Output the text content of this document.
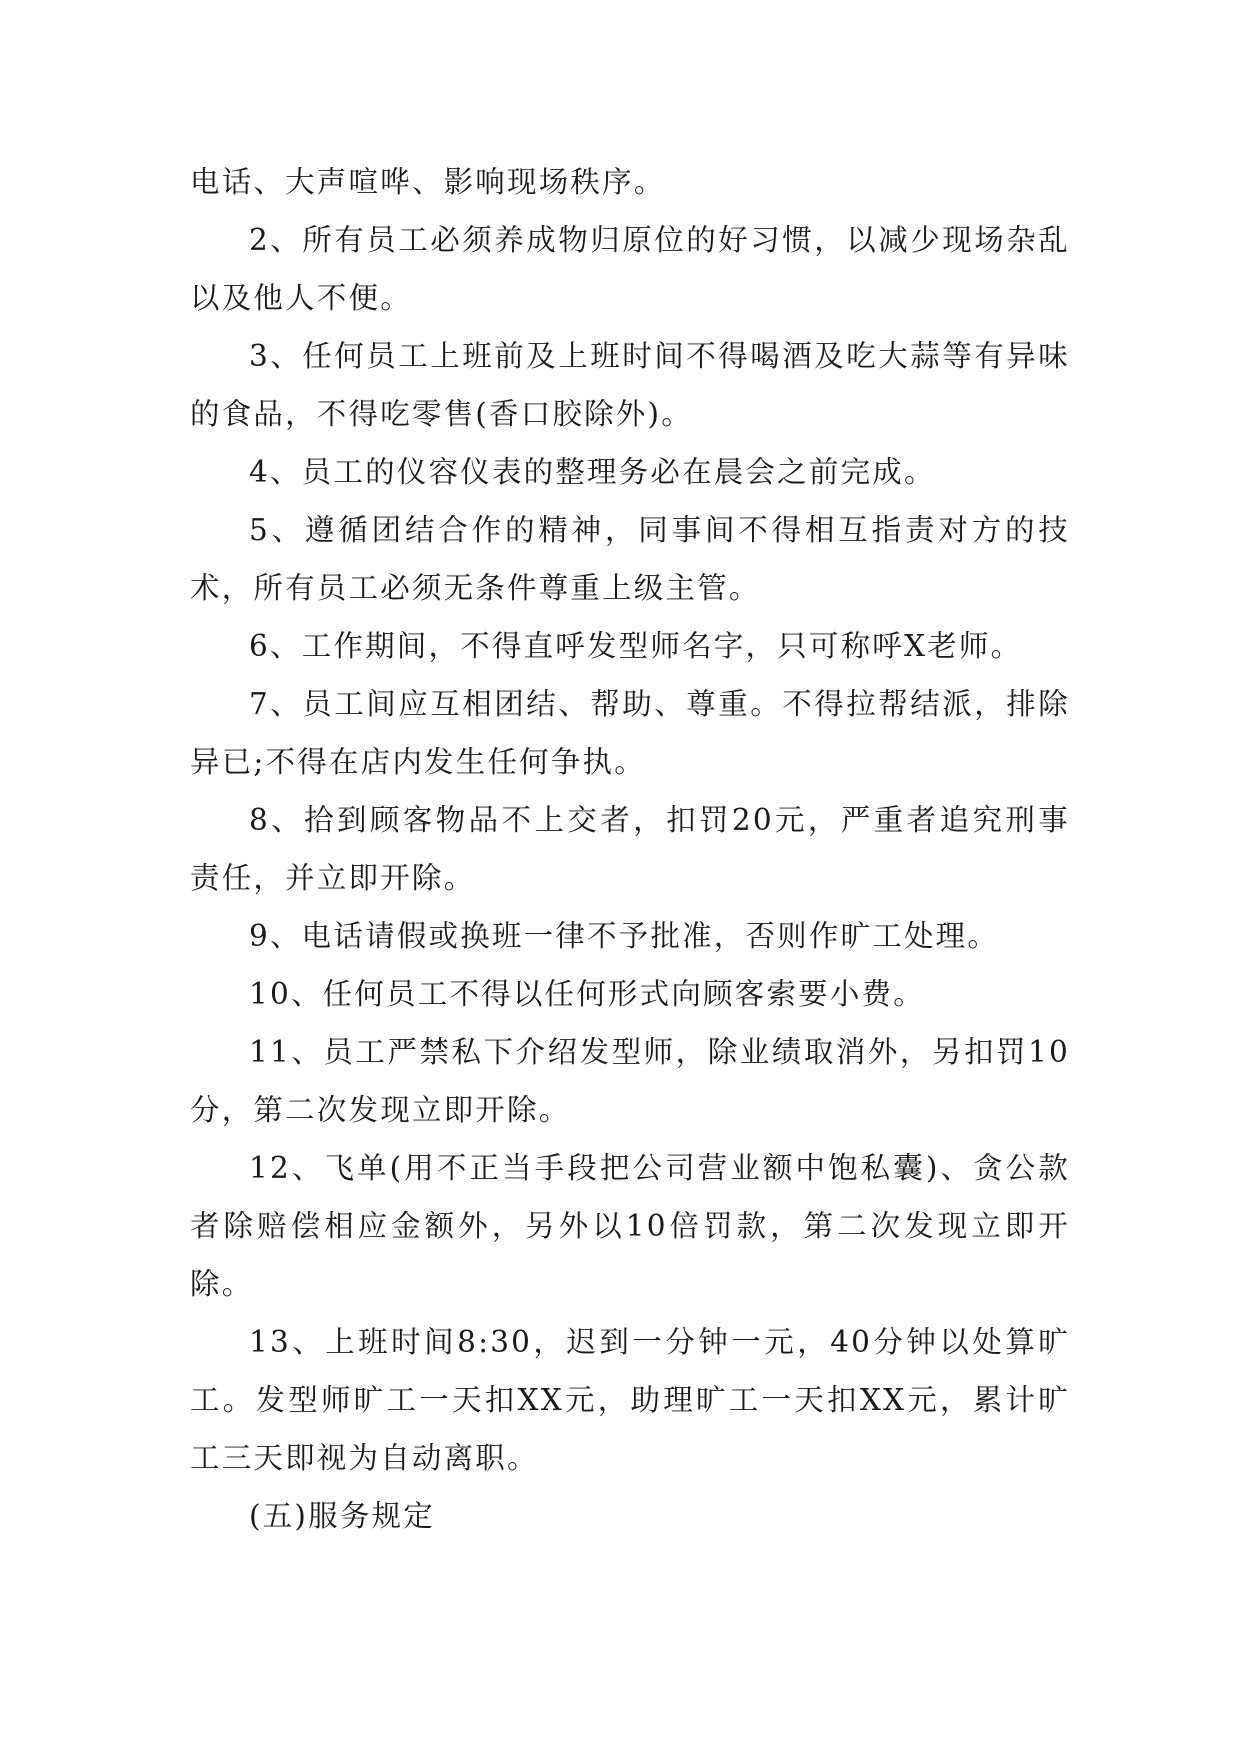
电话、大声喧哗、影响现场秩序。

2、所有员工必须养成物归原位的好习惯，以减少现场杂乱以及他人不便。

3、任何员工上班前及上班时间不得喝酒及吃大蒜等有异味的食品，不得吃零售(香口胶除外)。

4、员工的仪容仪表的整理务必在晨会之前完成。

5、遵循团结合作的精神，同事间不得相互指责对方的技术，所有员工必须无条件尊重上级主管。

6、工作期间，不得直呼发型师名字，只可称呼X老师。

7、员工间应互相团结、帮助、尊重。不得拉帮结派，排除异已;不得在店内发生任何争执。

8、拾到顾客物品不上交者，扣罚20元，严重者追究刑事责任，并立即开除。

9、电话请假或换班一律不予批准，否则作旷工处理。

10、任何员工不得以任何形式向顾客索要小费。

11、员工严禁私下介绍发型师，除业绩取消外，另扣罚10分，第二次发现立即开除。

12、飞单(用不正当手段把公司营业额中饱私囊)、贪公款者除赔偿相应金额外，另外以10倍罚款，第二次发现立即开除。

13、上班时间8:30，迟到一分钟一元，40分钟以处算旷工。发型师旷工一天扣XX元，助理旷工一天扣XX元，累计旷工三天即视为自动离职。

(五)服务规定
